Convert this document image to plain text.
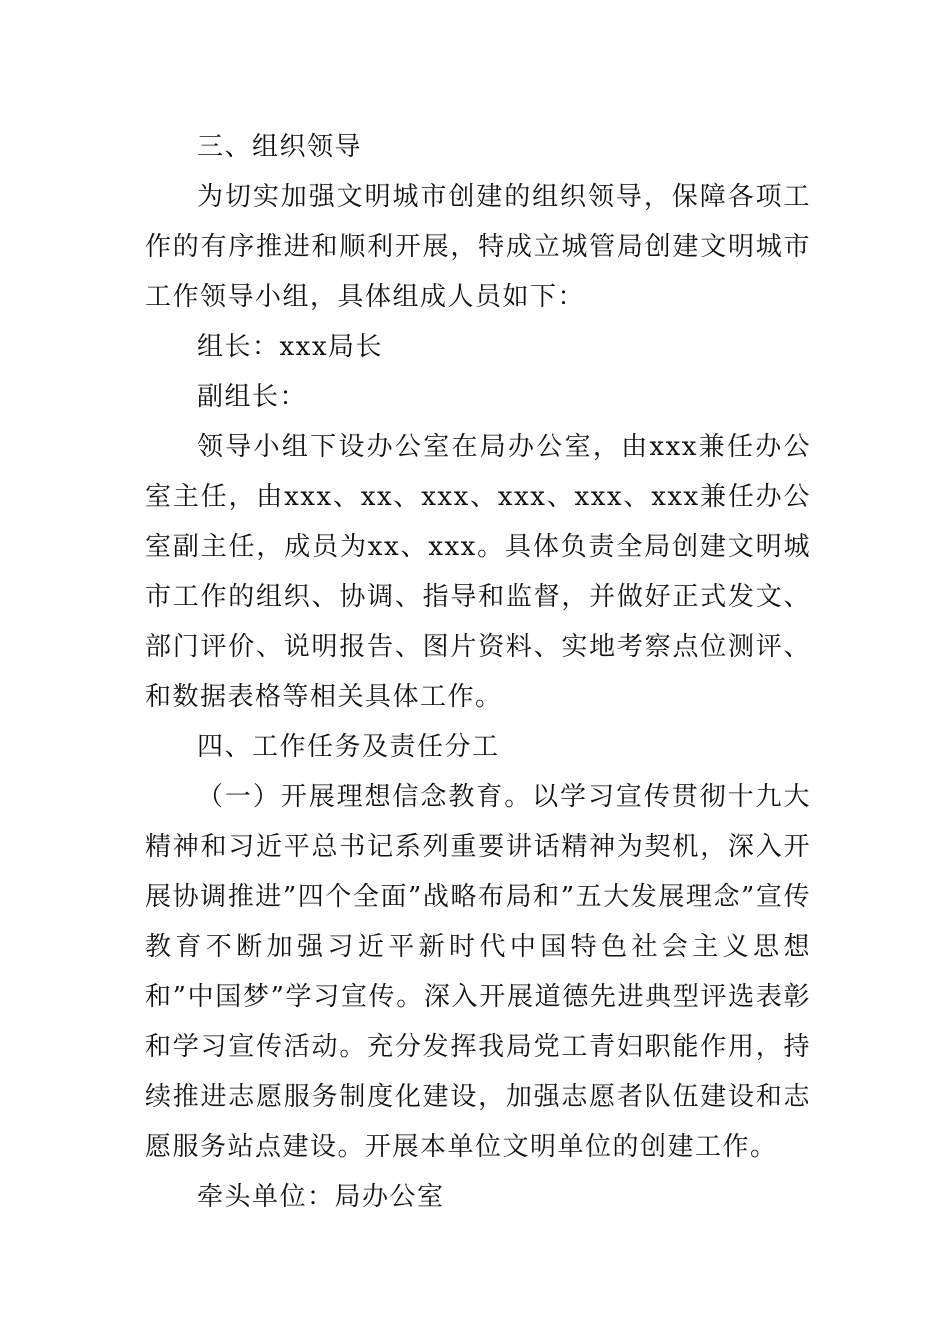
三、组织领导

为切实加强文明城市创建的组织领导，保障各项工作的有序推进和顺利开展，特成立城管局创建文明城市工作领导小组，具体组成人员如下：

组长：xxx局长

副组长：

领导小组下设办公室在局办公室，由xxx兼任办公室主任，由xxx、xx、xxx、xxx、xxx、xxx兼任办公室副主任，成员为xx、xxx。具体负责全局创建文明城市工作的组织、协调、指导和监督，并做好正式发文、部门评价、说明报告、图片资料、实地考察点位测评、和数据表格等相关具体工作。

四、工作任务及责任分工

（一）开展理想信念教育。以学习宣传贯彻十九大精神和习近平总书记系列重要讲话精神为契机，深入开展协调推进”四个全面”战略布局和”五大发展理念”宣传教育不断加强习近平新时代中国特色社会主义思想和”中国梦”学习宣传。深入开展道德先进典型评选表彰和学习宣传活动。充分发挥我局党工青妇职能作用，持续推进志愿服务制度化建设，加强志愿者队伍建设和志愿服务站点建设。开展本单位文明单位的创建工作。

牵头单位：局办公室
